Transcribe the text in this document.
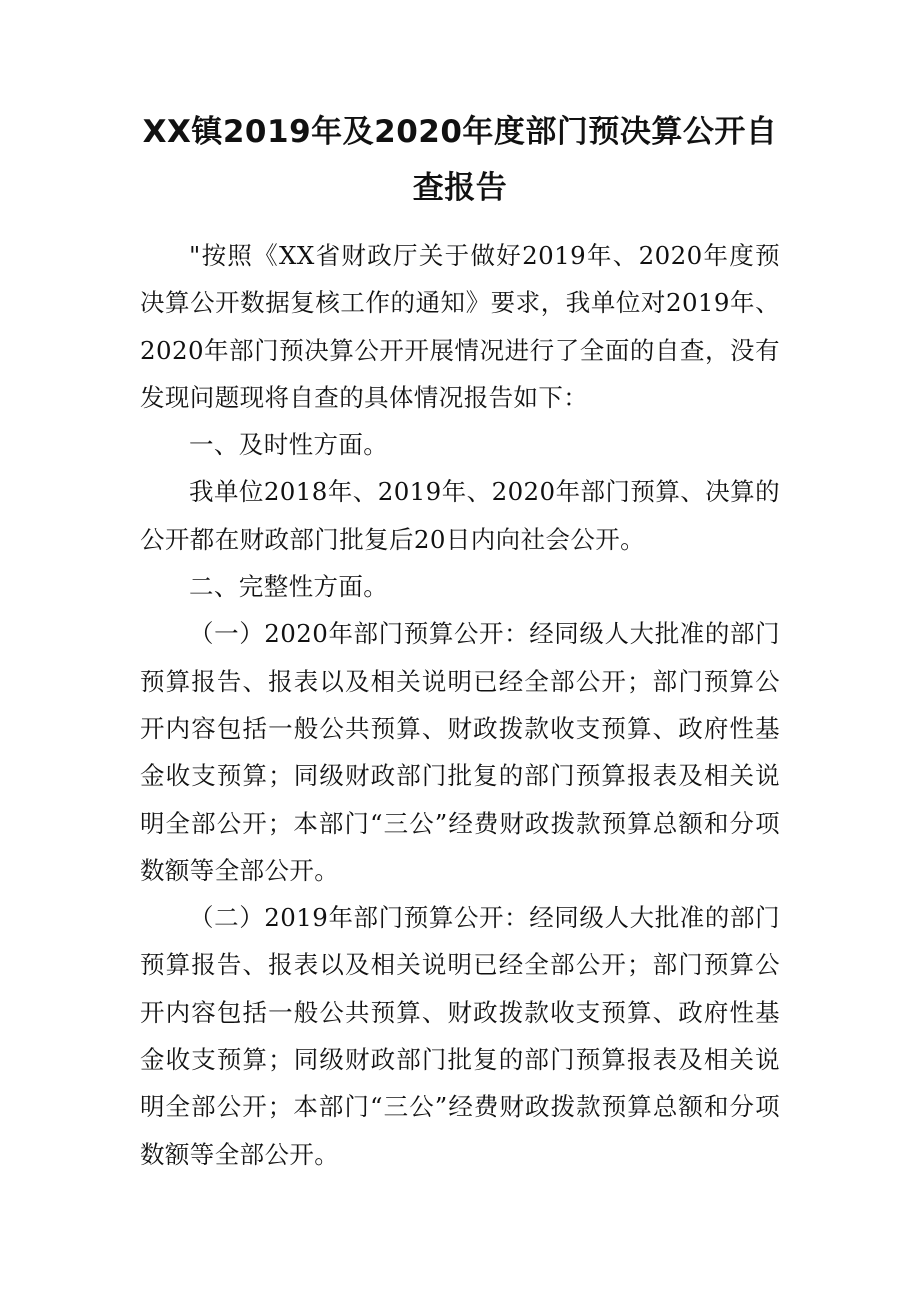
XX镇2019年及2020年度部门预决算公开自查报告

"按照《XX省财政厅关于做好2019年、2020年度预决算公开数据复核工作的通知》要求，我单位对2019年、2020年部门预决算公开开展情况进行了全面的自查，没有发现问题现将自查的具体情况报告如下：

一、及时性方面。

我单位2018年、2019年、2020年部门预算、决算的公开都在财政部门批复后20日内向社会公开。

二、完整性方面。

（一）2020年部门预算公开：经同级人大批准的部门预算报告、报表以及相关说明已经全部公开；部门预算公开内容包括一般公共预算、财政拨款收支预算、政府性基金收支预算；同级财政部门批复的部门预算报表及相关说明全部公开；本部门“三公”经费财政拨款预算总额和分项数额等全部公开。

（二）2019年部门预算公开：经同级人大批准的部门预算报告、报表以及相关说明已经全部公开；部门预算公开内容包括一般公共预算、财政拨款收支预算、政府性基金收支预算；同级财政部门批复的部门预算报表及相关说明全部公开；本部门“三公”经费财政拨款预算总额和分项数额等全部公开。
